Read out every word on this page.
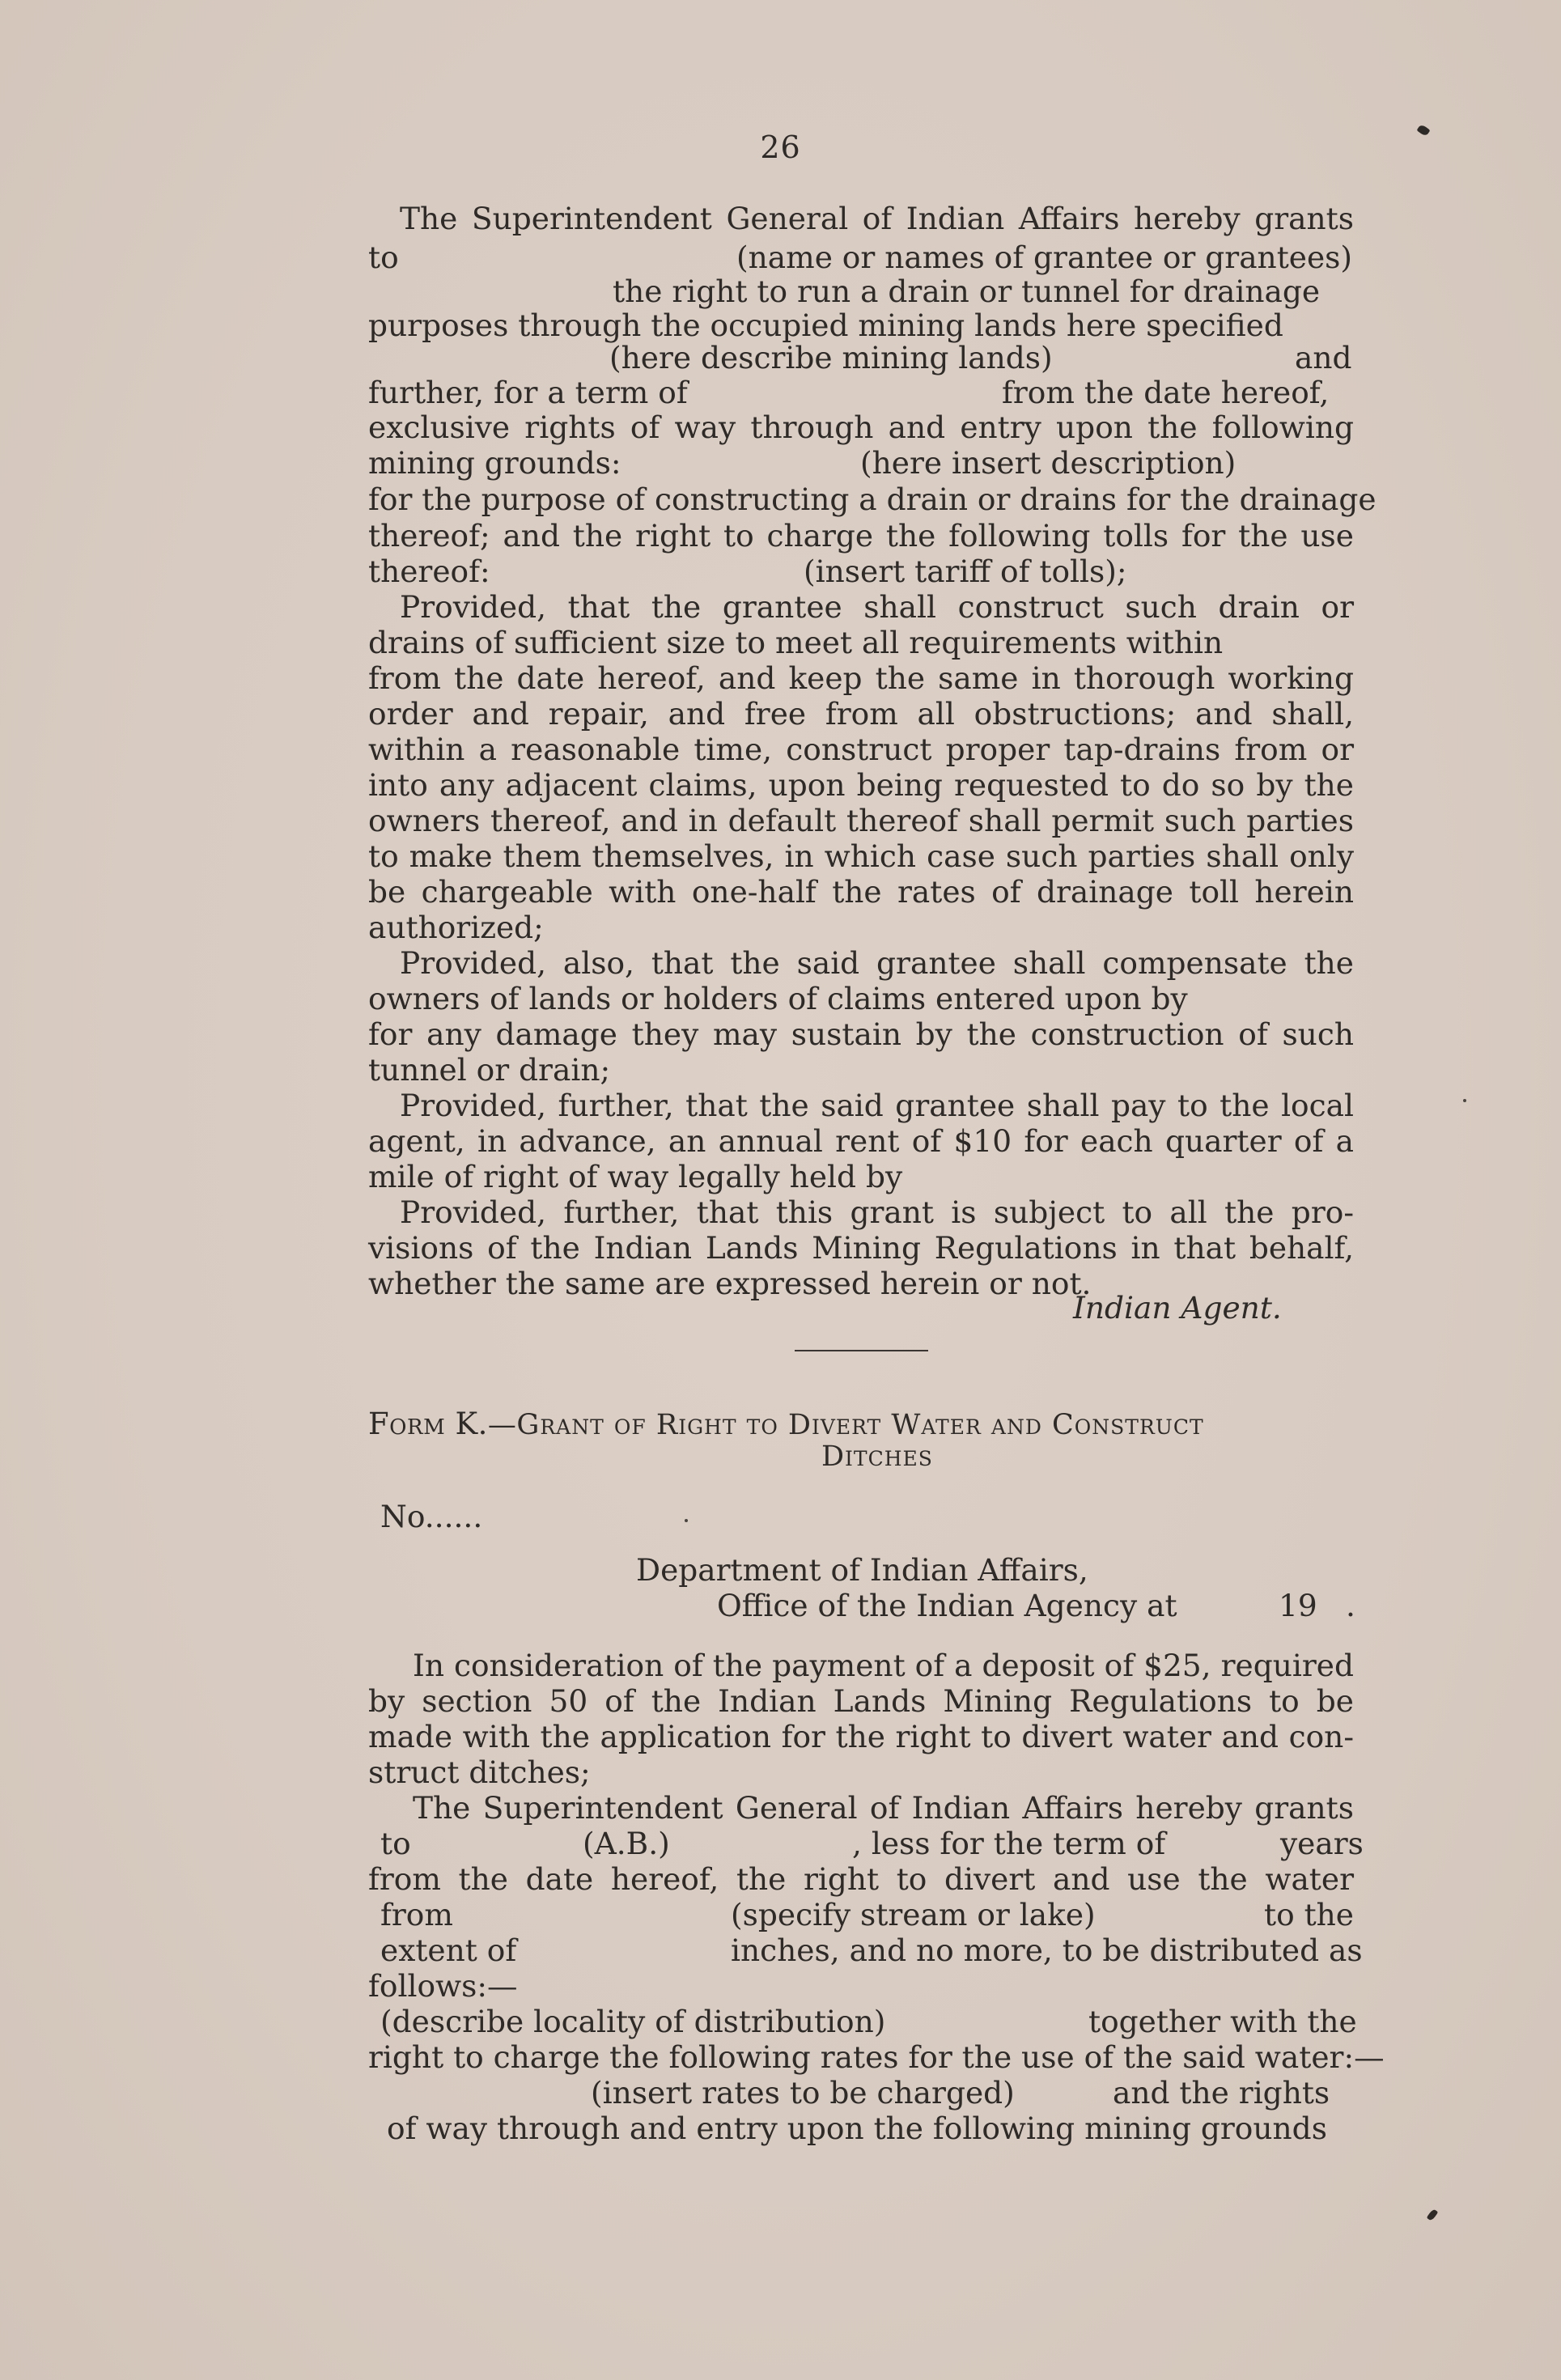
26
The Superintendent General of Indian Affairs hereby grants
to	(name or names of grantee or grantees)
the right to run a drain or tunnel for drainage
purposes through the occupied mining lands here specified
(here describe mining lands)	and
further, for a term of	from the date hereof,
exclusive rights of way through and entry upon the following
mining grounds:	(here insert description)
for the purpose of constructing a drain or drains for the drainage
thereof; and the right to charge the following tolls for the use
thereof:	(insert tariff of tolls);
Provided, that the grantee shall construct such drain or
drains of sufficient size to meet all requirements within
from the date hereof, and keep the same in thorough working
order and repair, and free from all obstructions; and shall,
within a reasonable time, construct proper tap-drains from or
into any adjacent claims, upon being requested to do so by the
owners thereof, and in default thereof shall permit such parties
to make them themselves, in which case such parties shall only
be chargeable with one-half the rates of drainage toll herein
authorized;
Provided, also, that the said grantee shall compensate the
owners of lands or holders of claims entered upon by
for any damage they may sustain by the construction of such
tunnel or drain;
Provided, further, that the said grantee shall pay to the local
agent, in advance, an annual rent of $10 for each quarter of a
mile of right of way legally held by
Provided, further, that this grant is subject to all the pro-
visions of the Indian Lands Mining Regulations in that behalf,
whether the same are expressed herein or not.
Indian Agent.
Form K.—Grant of Right to Divert Water and Construct
Ditches
No......
Department of Indian Affairs,
Office of the Indian Agency at	19 .
In consideration of the payment of a deposit of $25, required
by section 50 of the Indian Lands Mining Regulations to be
made with the application for the right to divert water and con-
struct ditches;
The Superintendent General of Indian Affairs hereby grants
to	(A.B.)	, less for the term of	years
from the date hereof, the right to divert and use the water
from	(specify stream or lake)	to the
extent of	inches, and no more, to be distributed as
follows:—
(describe locality of distribution)	together with the
right to charge the following rates for the use of the said water:—
(insert rates to be charged)	and the rights
of way through and entry upon the following mining grounds
